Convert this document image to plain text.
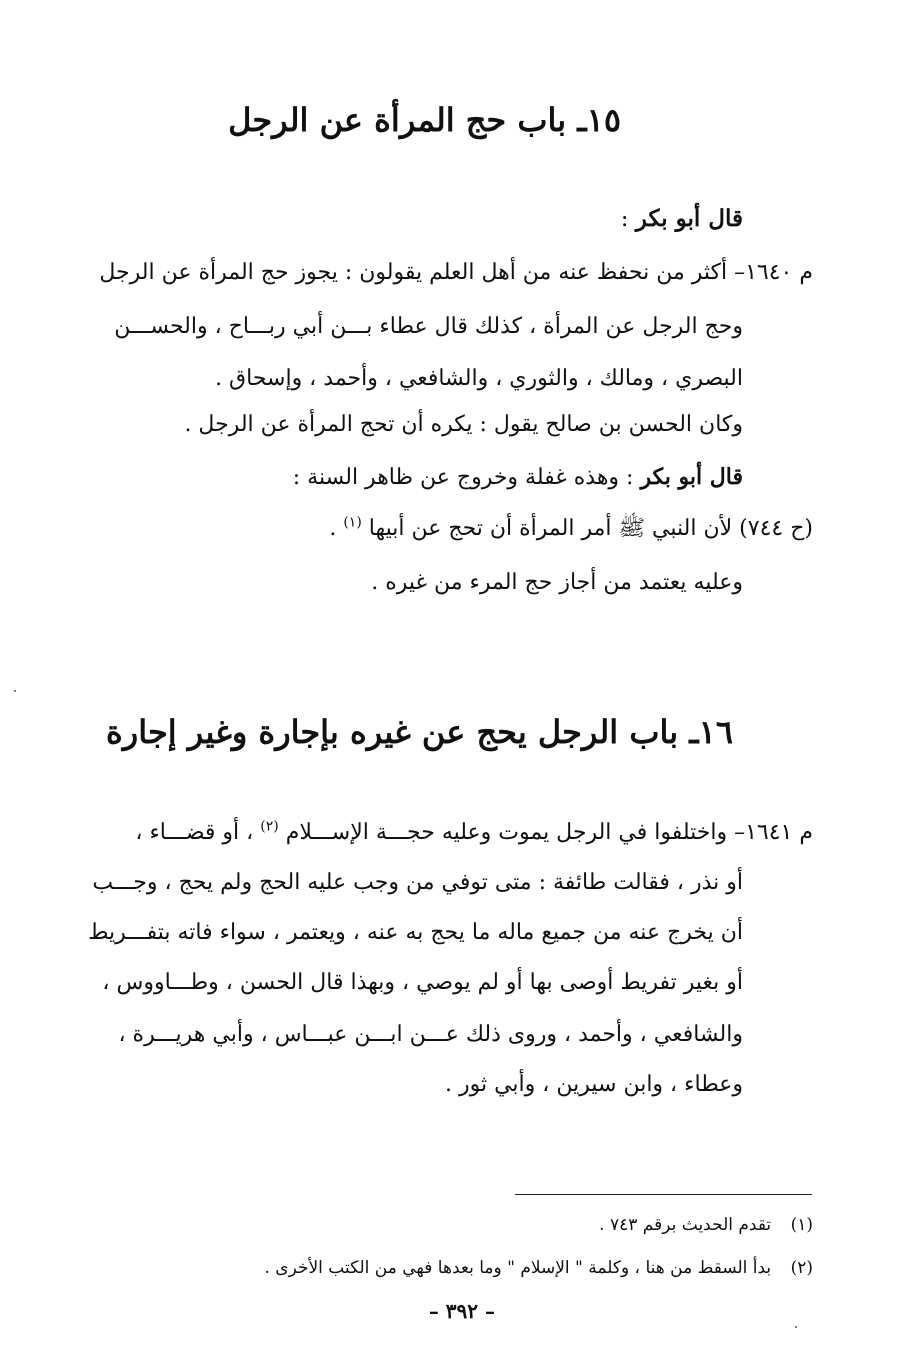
١٥ـ باب حج المرأة عن الرجل
قال أبو بكر :
م ١٦٤٠– أكثر من نحفظ عنه من أهل العلم يقولون : يجوز حج المرأة عن الرجل
وحج الرجل عن المرأة ، كذلك قال عطاء بـــن أبي ربـــاح ، والحســـن
البصري ، ومالك ، والثوري ، والشافعي ، وأحمد ، وإسحاق .
وكان الحسن بن صالح يقول : يكره أن تحج المرأة عن الرجل .
قال أبو بكر : وهذه غفلة وخروج عن ظاهر السنة :
(ح ٧٤٤) لأن النبي ﷺ أمر المرأة أن تحج عن أبيها $^{(١)}$ .
وعليه يعتمد من أجاز حج المرء من غيره .
١٦ـ باب الرجل يحج عن غيره بإجارة وغير إجارة
م ١٦٤١– واختلفوا في الرجل يموت وعليه حجـــة الإســـلام $^{(٢)}$ ، أو قضـــاء ،
أو نذر ، فقالت طائفة : متى توفي من وجب عليه الحج ولم يحج ، وجـــب
أن يخرج عنه من جميع ماله ما يحج به عنه ، ويعتمر ، سواء فاته بتفـــريط
أو بغير تفريط أوصى بها أو لم يوصي ، وبهذا قال الحسن ، وطـــاووس ،
والشافعي ، وأحمد ، وروى ذلك عـــن ابـــن عبـــاس ، وأبي هريـــرة ،
وعطاء ، وابن سيرين ، وأبي ثور .
(١) تقدم الحديث برقم ٧٤٣ .
(٢) بدأ السقط من هنا ، وكلمة " الإسلام " وما بعدها فهي من الكتب الأخرى .
– ٣٩٢ –
